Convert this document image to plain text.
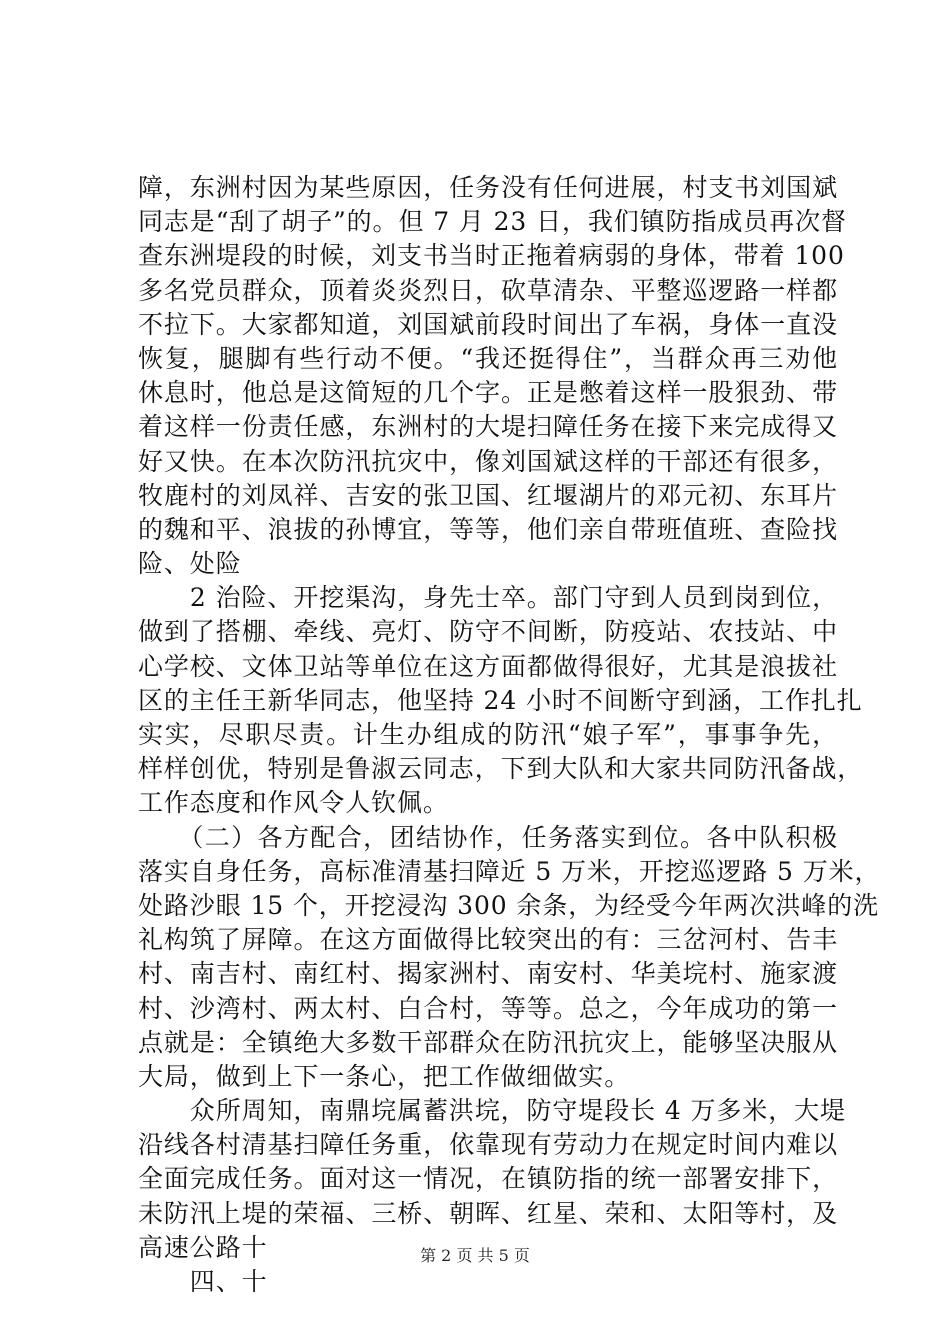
障，东洲村因为某些原因，任务没有任何进展，村支书刘国斌
同志是“刮了胡子”的。但 7 月 23 日，我们镇防指成员再次督
查东洲堤段的时候，刘支书当时正拖着病弱的身体，带着 100
多名党员群众，顶着炎炎烈日，砍草清杂、平整巡逻路一样都
不拉下。大家都知道，刘国斌前段时间出了车祸，身体一直没
恢复，腿脚有些行动不便。“我还挺得住”，当群众再三劝他
休息时，他总是这简短的几个字。正是憋着这样一股狠劲、带
着这样一份责任感，东洲村的大堤扫障任务在接下来完成得又
好又快。在本次防汛抗灾中，像刘国斌这样的干部还有很多，
牧鹿村的刘凤祥、吉安的张卫国、红堰湖片的邓元初、东耳片
的魏和平、浪拔的孙博宜，等等，他们亲自带班值班、查险找
险、处险
　　2 治险、开挖渠沟，身先士卒。部门守到人员到岗到位，
做到了搭棚、牵线、亮灯、防守不间断，防疫站、农技站、中
心学校、文体卫站等单位在这方面都做得很好，尤其是浪拔社
区的主任王新华同志，他坚持 24 小时不间断守到涵，工作扎扎
实实，尽职尽责。计生办组成的防汛“娘子军”，事事争先，
样样创优，特别是鲁淑云同志，下到大队和大家共同防汛备战，
工作态度和作风令人钦佩。
　　（二）各方配合，团结协作，任务落实到位。各中队积极
落实自身任务，高标准清基扫障近 5 万米，开挖巡逻路 5 万米，
处路沙眼 15 个，开挖浸沟 300 余条，为经受今年两次洪峰的洗
礼构筑了屏障。在这方面做得比较突出的有：三岔河村、告丰
村、南吉村、南红村、揭家洲村、南安村、华美垸村、施家渡
村、沙湾村、两太村、白合村，等等。总之，今年成功的第一
点就是：全镇绝大多数干部群众在防汛抗灾上，能够坚决服从
大局，做到上下一条心，把工作做细做实。
　　众所周知，南鼎垸属蓄洪垸，防守堤段长 4 万多米，大堤
沿线各村清基扫障任务重，依靠现有劳动力在规定时间内难以
全面完成任务。面对这一情况，在镇防指的统一部署安排下，
未防汛上堤的荣福、三桥、朝晖、红星、荣和、太阳等村，及
高速公路十
　　四、十
第 2 页 共 5 页
